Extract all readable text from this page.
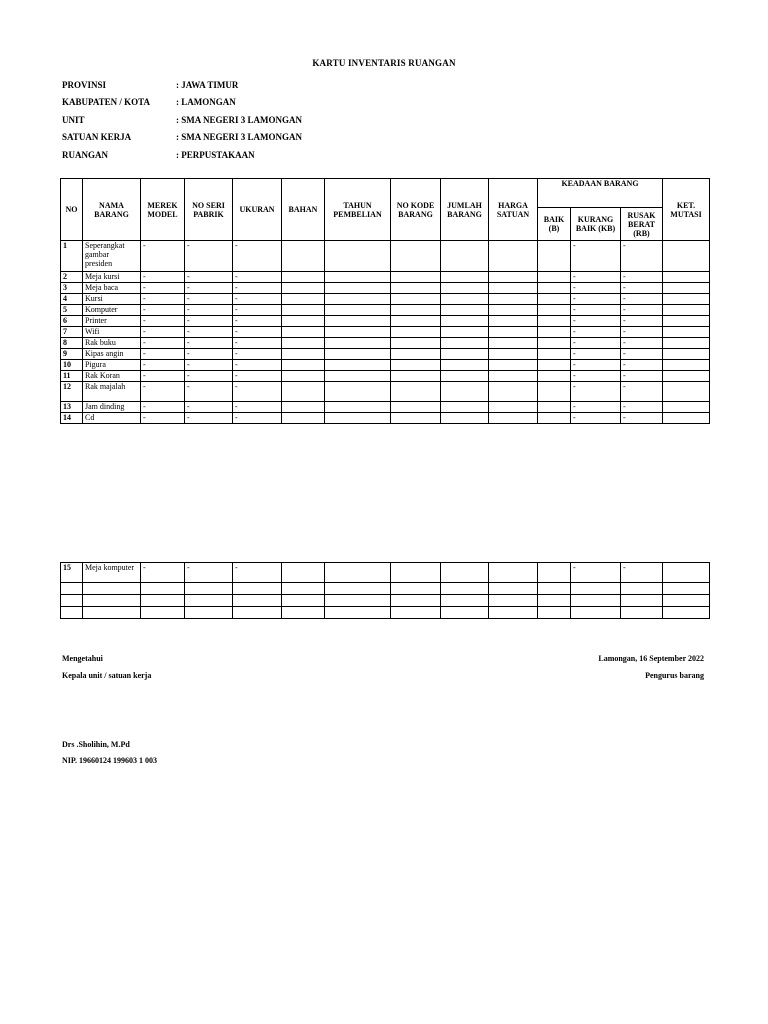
KARTU INVENTARIS RUANGAN
PROVINSI	: JAWA TIMUR
KABUPATEN / KOTA	: LAMONGAN
UNIT	: SMA NEGERI 3 LAMONGAN
SATUAN KERJA	: SMA NEGERI 3 LAMONGAN
RUANGAN	: PERPUSTAKAAN
NO	NAMA BARANG	MEREK MODEL	NO SERI PABRIK	UKURAN	BAHAN	TAHUN PEMBELIAN	NO KODE BARANG	JUMLAH BARANG	HARGA SATUAN	KEADAAN BARANG			KET. MUTASI
										BAIK (B)	KURANG BAIK (KB)	RUSAK BERAT (RB)	
1	Seperangkat gambar presiden	-	-	-							-	-	
2	Meja kursi	-	-	-							-	-	
3	Meja baca	-	-	-							-	-	
4	Kursi	-	-	-							-	-	
5	Komputer	-	-	-							-	-	
6	Printer	-	-	-							-	-	
7	Wifi	-	-	-							-	-	
8	Rak buku	-	-	-							-	-	
9	Kipas angin	-	-	-							-	-	
10	Pigura	-	-	-							-	-	
11	Rak Koran	-	-	-							-	-	
12	Rak majalah	-	-	-							-	-	
13	Jam dinding	-	-	-							-	-	
14	Cd	-	-	-							-	-	
15	Meja komputer	-	-	-							-	-	

Mengetahui
Kepala unit / satuan kerja
Drs .Sholihin, M.Pd
NIP. 19660124 199603 1 003
Lamongan, 16 September 2022
Pengurus barang
